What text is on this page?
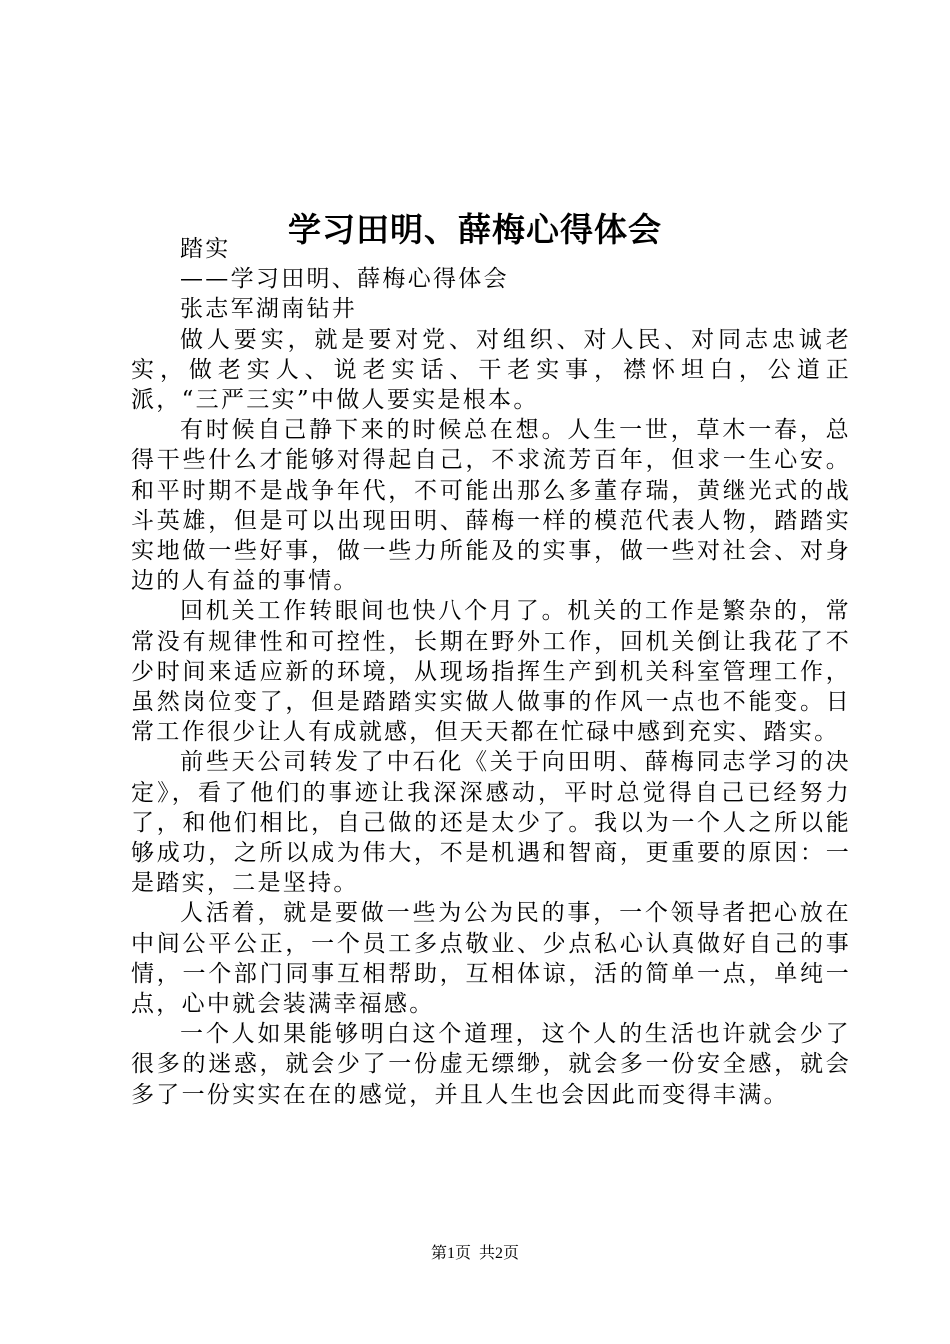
学习田明、薛梅心得体会

踏实

——学习田明、薛梅心得体会

张志军湖南钻井

做人要实，就是要对党、对组织、对人民、对同志忠诚老实，做老实人、说老实话、干老实事，襟怀坦白，公道正派，“三严三实”中做人要实是根本。

有时候自己静下来的时候总在想。人生一世，草木一春，总得干些什么才能够对得起自己，不求流芳百年，但求一生心安。和平时期不是战争年代，不可能出那么多董存瑞，黄继光式的战斗英雄，但是可以出现田明、薛梅一样的模范代表人物，踏踏实实地做一些好事，做一些力所能及的实事，做一些对社会、对身边的人有益的事情。

回机关工作转眼间也快八个月了。机关的工作是繁杂的，常常没有规律性和可控性，长期在野外工作，回机关倒让我花了不少时间来适应新的环境，从现场指挥生产到机关科室管理工作，虽然岗位变了，但是踏踏实实做人做事的作风一点也不能变。日常工作很少让人有成就感，但天天都在忙碌中感到充实、踏实。

前些天公司转发了中石化《关于向田明、薛梅同志学习的决定》，看了他们的事迹让我深深感动，平时总觉得自己已经努力了，和他们相比，自己做的还是太少了。我以为一个人之所以能够成功，之所以成为伟大，不是机遇和智商，更重要的原因：一是踏实，二是坚持。

人活着，就是要做一些为公为民的事，一个领导者把心放在中间公平公正，一个员工多点敬业、少点私心认真做好自己的事情，一个部门同事互相帮助，互相体谅，活的简单一点，单纯一点，心中就会装满幸福感。

一个人如果能够明白这个道理，这个人的生活也许就会少了很多的迷惑，就会少了一份虚无缥缈，就会多一份安全感，就会多了一份实实在在的感觉，并且人生也会因此而变得丰满。

第1页 共2页
